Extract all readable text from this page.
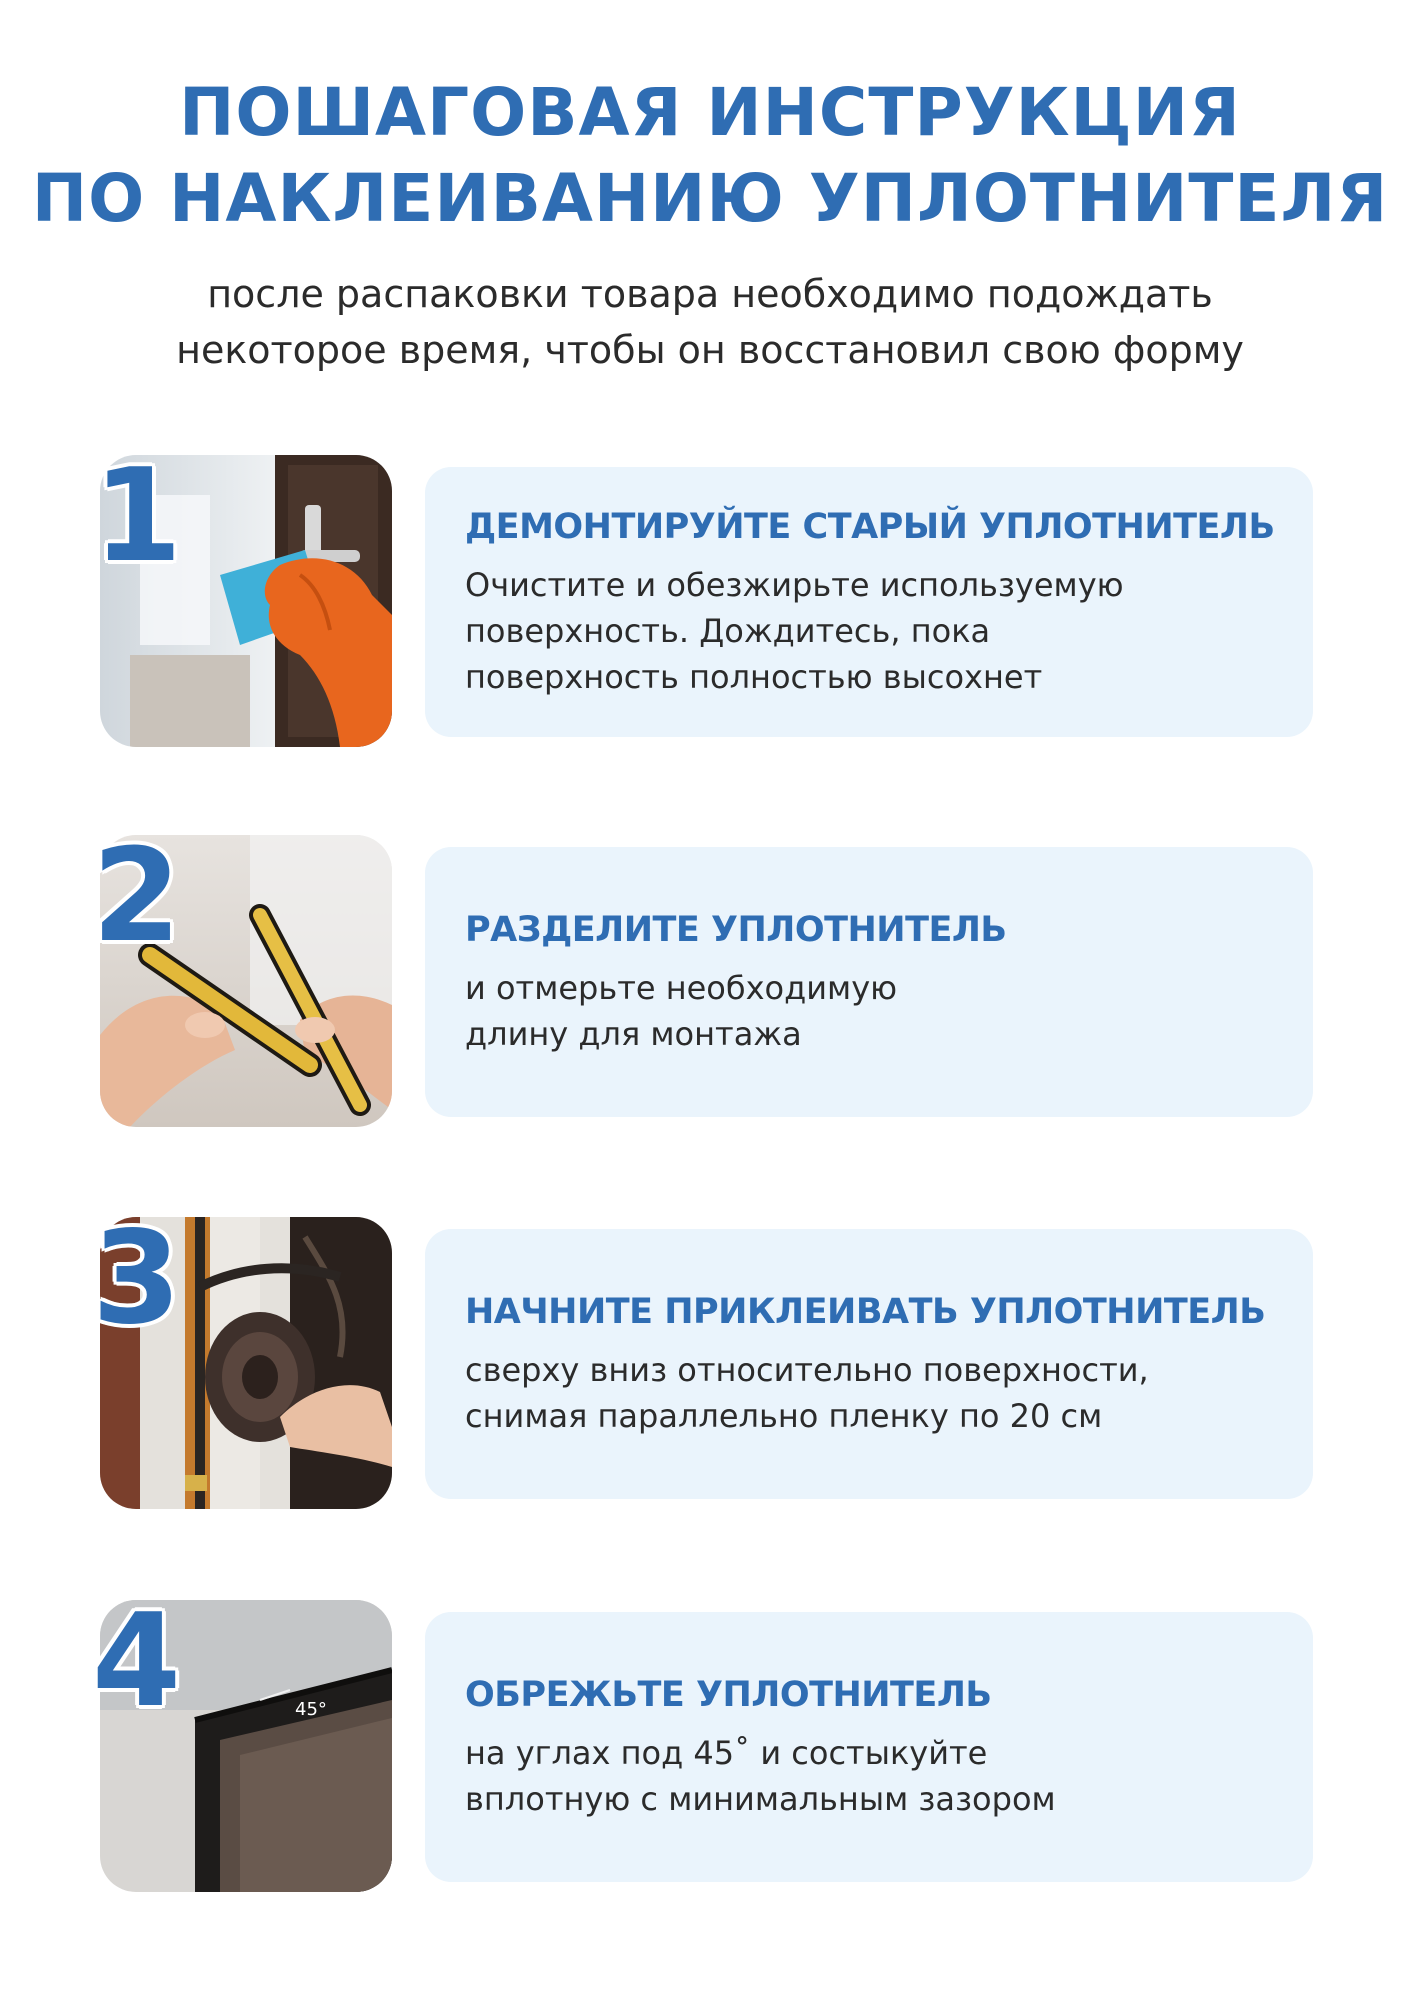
ПОШАГОВАЯ ИНСТРУКЦИЯ
ПО НАКЛЕИВАНИЮ УПЛОТНИТЕЛЯ
после распаковки товара необходимо подождать
некоторое время, чтобы он восстановил свою форму
1	ДЕМОНТИРУЙТЕ СТАРЫЙ УПЛОТНИТЕЛЬ
Очистите и обезжирьте используемую
поверхность. Дождитесь, пока
поверхность полностью высохнет
2	РАЗДЕЛИТЕ УПЛОТНИТЕЛЬ
и отмерьте необходимую
длину для монтажа
3	НАЧНИТЕ ПРИКЛЕИВАТЬ УПЛОТНИТЕЛЬ
сверху вниз относительно поверхности,
снимая параллельно пленку по 20 см
45°
4	ОБРЕЖЬТЕ УПЛОТНИТЕЛЬ
на углах под 45˚ и состыкуйте
вплотную с минимальным зазором
